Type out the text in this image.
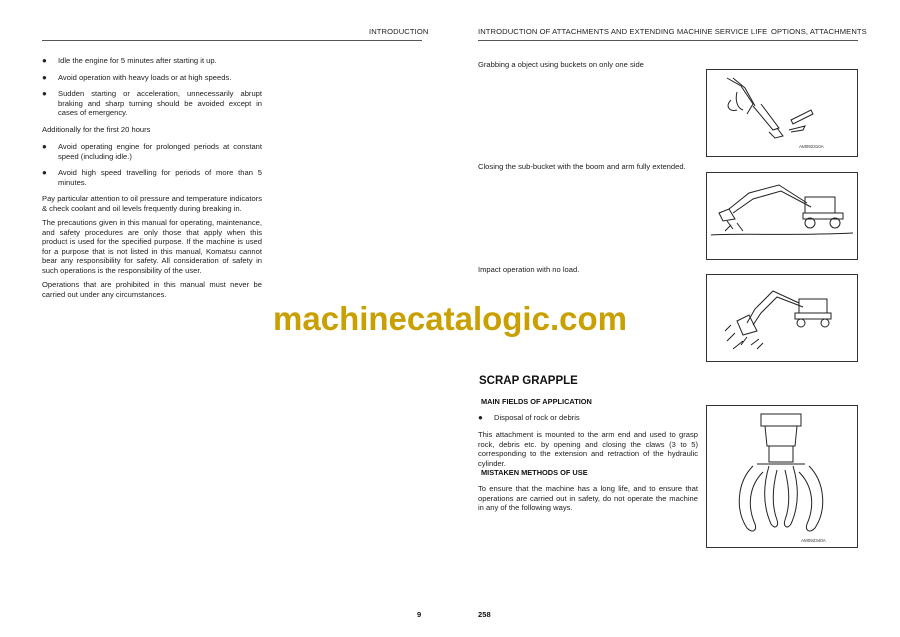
INTRODUCTION	INTRODUCTION OF ATTACHMENTS AND EXTENDING MACHINE SERVICE LIFE OPTIONS, ATTACHMENTS
●	Idle the engine for 5 minutes after starting it up.
●	Avoid operation with heavy loads or at high speeds.
●	Sudden starting or acceleration, unnecessarily abrupt braking and sharp turning should be avoided except in cases of emergency.
Additionally for the first 20 hours
●	Avoid operating engine for prolonged periods at constant speed (including idle.)
●	Avoid high speed travelling for periods of more than 5 minutes.
Pay particular attention to oil pressure and temperature indicators & check coolant and oil levels frequently during breaking in.
The precautions given in this manual for operating, maintenance, and safety procedures are only those that apply when this product is used for the specified purpose. If the machine is used for a purpose that is not listed in this manual, Komatsu cannot bear any responsibility for safety. All consideration of safety in such operations is the responsibility of the user.
Operations that are prohibited in this manual must never be carried out under any circumstances.
Grabbing a object using buckets on only one side
AM092310A
Closing the sub-bucket with the boom and arm fully extended.
Impact operation with no load.
machinecatalogic.com
SCRAP GRAPPLE
MAIN FIELDS OF APPLICATION
●	Disposal of rock or debris
This attachment is mounted to the arm end and used to grasp rock, debris etc. by opening and closing the claws (3 to 5) corresponding to the extension and retraction of the hydraulic cylinder.
MISTAKEN METHODS OF USE
To ensure that the machine has a long life, and to ensure that operations are carried out in safety, do not operate the machine in any of the following ways.
AM092340A
9	258
